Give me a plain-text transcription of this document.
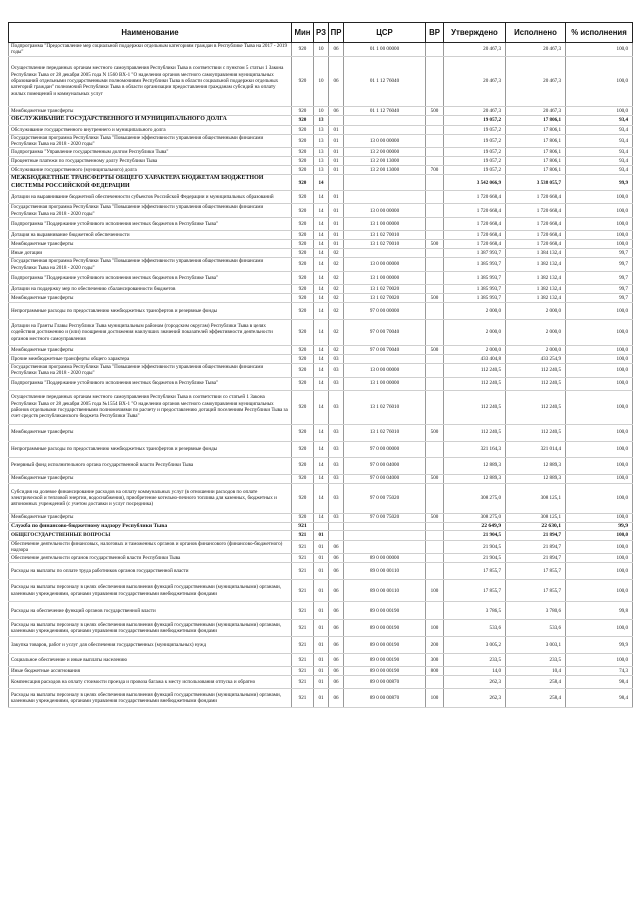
Наименование	Мин	РЗ	ПР	ЦСР	ВР	Утверждено	Исполнено	% исполнения
Подпрограмма "Предоставление мер социальной поддержки отдельным категориям граждан в Республике Тыва на 2017 - 2019 годы"	920	10	06	01 1 00 00000		20 467,3	20 467,3	100,0
Осуществление переданных органам местного самоуправления Республики Тыва в соответствии с пунктом 5 статьи 1 Закона Республики Тыва от 28 декабря 2005 года N 1560 ВХ-1 "О наделении органов местного самоуправления муниципальных образований отдельными государственными полномочиями Республики Тыва в области социальной поддержки отдельных категорий граждан" полномочий Республики Тыва в области организации предоставления гражданам субсидий на оплату жилых помещений и коммунальных услуг	920	10	06	01 1 12 76040		20 467,3	20 467,3	100,0
Межбюджетные трансферты	920	10	06	01 1 12 76040	500	20 467,3	20 467,3	100,0
ОБСЛУЖИВАНИЕ ГОСУДАРСТВЕННОГО И МУНИЦИПАЛЬНОГО ДОЛГА	920	13				19 057,2	17 806,1	93,4
Обслуживание государственного внутреннего и муниципального долга	920	13	01			19 057,2	17 806,1	93,4
Государственная программа Республики Тыва "Повышение эффективности управления общественными финансами Республики Тыва на 2018 - 2020 годы"	920	13	01	13 0 00 00000		19 057,2	17 806,1	93,4
Подпрограмма "Управление государственным долгом Республики Тыва"	920	13	01	13 2 00 00000		19 057,2	17 806,1	93,4
Процентные платежи по государственному долгу Республики Тыва	920	13	01	13 2 00 13000		19 057,2	17 806,1	93,4
Обслуживание государственного (муниципального) долга	920	13	01	13 2 00 13000	700	19 057,2	17 806,1	93,4
МЕЖБЮДЖЕТНЫЕ ТРАНСФЕРТЫ ОБЩЕГО ХАРАКТЕРА БЮДЖЕТАМ БЮДЖЕТНОЙ СИСТЕМЫ РОССИЙСКОЙ ФЕДЕРАЦИИ	920	14				3 542 066,9	3 538 055,7	99,9
Дотации на выравнивание бюджетной обеспеченности субъектов Российской Федерации и муниципальных образований	920	14	01			1 720 668,4	1 720 668,4	100,0
Государственная программа Республики Тыва "Повышение эффективности управления общественными финансами Республики Тыва на 2018 - 2020 годы"	920	14	01	13 0 00 00000		1 720 668,4	1 720 668,4	100,0
Подпрограмма "Поддержание устойчивого исполнения местных бюджетов в Республике Тыва"	920	14	01	13 1 00 00000		1 720 668,4	1 720 668,4	100,0
Дотация на выравнивание бюджетной обеспеченности	920	14	01	13 1 02 70010		1 720 668,4	1 720 668,4	100,0
Межбюджетные трансферты	920	14	01	13 1 02 70010	500	1 720 668,4	1 720 668,4	100,0
Иные дотации	920	14	02			1 387 993,7	1 384 132,4	99,7
Государственная программа Республики Тыва "Повышение эффективности управления общественными финансами Республики Тыва на 2018 - 2020 годы"	920	14	02	13 0 00 00000		1 385 993,7	1 382 132,4	99,7
Подпрограмма "Поддержание устойчивого исполнения местных бюджетов в Республике Тыва"	920	14	02	13 1 00 00000		1 385 993,7	1 382 132,4	99,7
Дотации на поддержку мер по обеспечению сбалансированности бюджетов	920	14	02	13 1 02 70020		1 385 993,7	1 382 132,4	99,7
Межбюджетные трансферты	920	14	02	13 1 02 70020	500	1 385 993,7	1 382 132,4	99,7
Непрограммные расходы по предоставлению межбюджетных трансфертов и резервные фонды	920	14	02	97 0 00 00000		2 000,0	2 000,0	100,0
Дотации на Гранты Главы Республики Тыва муниципальным районам (городским округам) Республики Тыва в целях содействия достижению и (или) поощрения достижения наилучших значений показателей эффективности деятельности органов местного самоуправления	920	14	02	97 0 00 70040		2 000,0	2 000,0	100,0
Межбюджетные трансферты	920	14	02	97 0 00 70040	500	2 000,0	2 000,0	100,0
Прочие межбюджетные трансферты общего характера	920	14	03			433 404,8	433 254,9	100,0
Государственная программа Республики Тыва "Повышение эффективности управления общественными финансами Республики Тыва на 2018 - 2020 годы"	920	14	03	13 0 00 00000		112 240,5	112 240,5	100,0
Подпрограмма "Поддержание устойчивого исполнения местных бюджетов в Республике Тыва"	920	14	03	13 1 00 00000		112 240,5	112 240,5	100,0
Осуществление переданных органам местного самоуправления Республики Тыва в соответствии со статьей 1 Закона Республики Тыва от 28 декабря 2005 года №1554 ВХ-1 "О наделении органов местного самоуправления муниципальных районов отдельными государственными полномочиями по расчету и предоставлению дотаций поселениям Республики Тыва за счет средств республиканского бюджета Республики Тыва"	920	14	03	13 1 02 76010		112 240,5	112 240,5	100,0
Межбюджетные трансферты	920	14	03	13 1 02 76010	500	112 240,5	112 240,5	100,0
Непрограммные расходы по предоставлению межбюджетных трансфертов и резервные фонды	920	14	03	97 0 00 00000		321 164,3	321 014,4	100,0
Резервный фонд исполнительного органа государственной власти Республики Тыва	920	14	03	97 0 00 04000		12 889,3	12 889,3	100,0
Межбюджетные трансферты	920	14	03	97 0 00 04000	500	12 889,3	12 889,3	100,0
Субсидия на долевое финансирование расходов на оплату коммунальных услуг (в отношении расходов по оплате электрической и тепловой энергии, водоснабжения), приобретение котельно-печного топлива для казенных, бюджетных и автономных учреждений (с учетом доставки и услуг посредника)	920	14	03	97 0 00 75020		308 275,0	308 125,1	100,0
Межбюджетные трансферты	920	14	03	97 0 00 75020	500	308 275,0	308 125,1	100,0
Служба по финансово-бюджетному надзору Республики Тыва	921					22 649,9	22 630,1	99,9
ОБЩЕГОСУДАРСТВЕННЫЕ ВОПРОСЫ	921	01				21 904,5	21 894,7	100,0
Обеспечение деятельности финансовых, налоговых и таможенных органов и органов финансового (финансово-бюджетного) надзора	921	01	06			21 904,5	21 894,7	100,0
Обеспечение деятельности органов государственной власти Республики Тыва	921	01	06	89 0 00 00000		21 904,5	21 894,7	100,0
Расходы на выплаты по оплате труда работников органов государственной власти	921	01	06	89 0 00 00110		17 855,7	17 855,7	100,0
Расходы на выплаты персоналу в целях обеспечения выполнения функций государственными (муниципальными) органами, казенными учреждениями, органами управления государственными внебюджетными фондами	921	01	06	89 0 00 00110	100	17 855,7	17 855,7	100,0
Расходы на обеспечение функций органов государственной власти	921	01	06	89 0 00 00190		3 786,5	3 780,6	99,8
Расходы на выплаты персоналу в целях обеспечения выполнения функций государственными (муниципальными) органами, казенными учреждениями, органами управления государственными внебюджетными фондами	921	01	06	89 0 00 00190	100	533,6	533,6	100,0
Закупка товаров, работ и услуг для обеспечения государственных (муниципальных) нужд	921	01	06	89 0 00 00190	200	3 005,2	3 003,1	99,9
Социальное обеспечение и иные выплаты населению	921	01	06	89 0 00 00190	300	233,5	233,5	100,0
Иные бюджетные ассигнования	921	01	06	89 0 00 00190	800	14,0	10,4	74,3
Компенсация расходов на оплату стоимости проезда и провоза багажа к месту использования отпуска и обратно	921	01	06	89 0 00 00870		262,3	258,4	98,4
Расходы на выплаты персоналу в целях обеспечения выполнения функций государственными (муниципальными) органами, казенными учреждениями, органами управления государственными внебюджетными фондами	921	01	06	89 0 00 00870	100	262,3	258,4	98,4
